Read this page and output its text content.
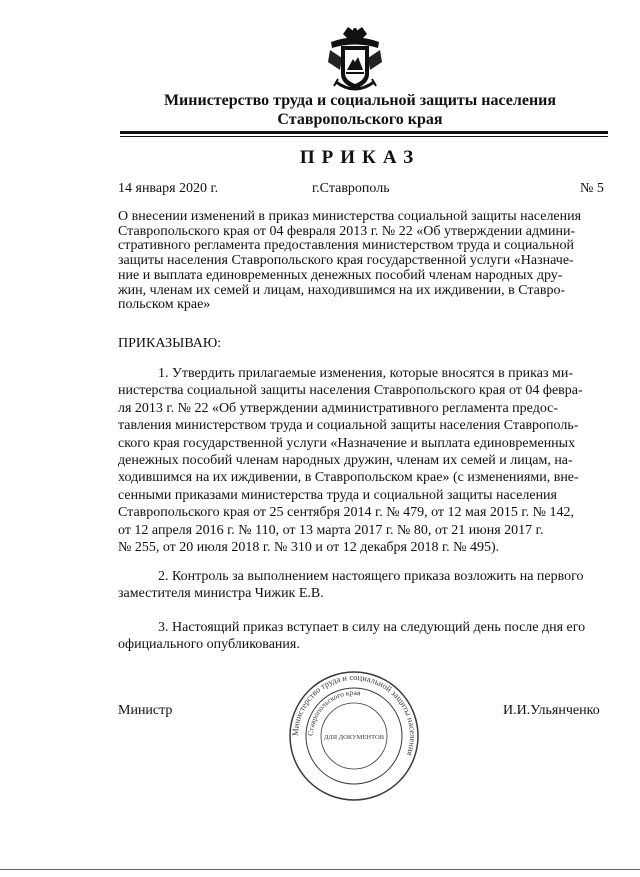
Министерство труда и социальной защиты населения
Ставропольского края
ПРИКАЗ
14 января 2020 г.	г.Ставрополь	№ 5
О внесении изменений в приказ министерства социальной защиты населения
Ставропольского края от 04 февраля 2013 г. № 22 «Об утверждении админи-
стративного регламента предоставления министерством труда и социальной
защиты населения Ставропольского края государственной услуги «Назначе-
ние и выплата единовременных денежных пособий членам народных дру-
жин, членам их семей и лицам, находившимся на их иждивении, в Ставро-
польском крае»
ПРИКАЗЫВАЮ:
1. Утвердить прилагаемые изменения, которые вносятся в приказ ми-
нистерства социальной защиты населения Ставропольского края от 04 февра-
ля 2013 г. № 22 «Об утверждении административного регламента предос-
тавления министерством труда и социальной защиты населения Ставрополь-
ского края государственной услуги «Назначение и выплата единовременных
денежных пособий членам народных дружин, членам их семей и лицам, на-
ходившимся на их иждивении, в Ставропольском крае» (с изменениями, вне-
сенными приказами министерства труда и социальной защиты населения
Ставропольского края от 25 сентября 2014 г. № 479, от 12 мая 2015 г. № 142,
от 12 апреля 2016 г. № 110, от 13 марта 2017 г. № 80, от 21 июня 2017 г.
№ 255, от 20 июля 2018 г. № 310 и от 12 декабря 2018 г. № 495).
2. Контроль за выполнением настоящего приказа возложить на первого
заместителя министра Чижик Е.В.
3. Настоящий приказ вступает в силу на следующий день после дня его
официального опубликования.
Министр
Министерство труда и социальной защиты населения
Ставропольского края
ДЛЯ ДОКУМЕНТОВ
И.И.Ульянченко
